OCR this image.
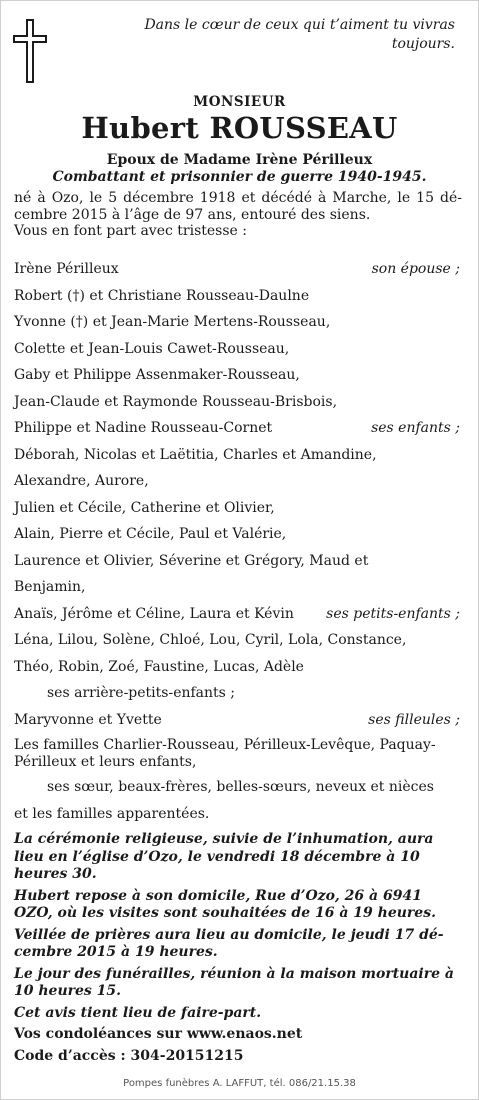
Dans le cœur de ceux qui t’aiment tu vivras toujours.
MONSIEUR
Hubert ROUSSEAU
Epoux de Madame Irène Périlleux
Combattant et prisonnier de guerre 1940-1945.
né à Ozo, le 5 décembre 1918 et décédé à Marche, le 15 dé-cembre 2015 à l’âge de 97 ans, entouré des siens.
Vous en font part avec tristesse :
Irène Périlleux	son épouse ;
Robert (†) et Christiane Rousseau-Daulne
Yvonne (†) et Jean-Marie Mertens-Rousseau,
Colette et Jean-Louis Cawet-Rousseau,
Gaby et Philippe Assenmaker-Rousseau,
Jean-Claude et Raymonde Rousseau-Brisbois,
Philippe et Nadine Rousseau-Cornet	ses enfants ;
Déborah, Nicolas et Laëtitia, Charles et Amandine,
Alexandre, Aurore,
Julien et Cécile, Catherine et Olivier,
Alain, Pierre et Cécile, Paul et Valérie,
Laurence et Olivier, Séverine et Grégory, Maud et
Benjamin,
Anaïs, Jérôme et Céline, Laura et Kévin ses petits-enfants ;
Léna, Lilou, Solène, Chloé, Lou, Cyril, Lola, Constance,
Théo, Robin, Zoé, Faustine, Lucas, Adèle
ses arrière-petits-enfants ;
Maryvonne et Yvette	ses filleules ;
Les familles Charlier-Rousseau, Périlleux-Levêque, Paquay-Périlleux et leurs enfants,
ses sœur, beaux-frères, belles-sœurs, neveux et nièces
et les familles apparentées.

La cérémonie religieuse, suivie de l’inhumation, aura lieu en l’église d’Ozo, le vendredi 18 décembre à 10 heures 30.

Hubert repose à son domicile, Rue d’Ozo, 26 à 6941 OZO, où les visites sont souhaitées de 16 à 19 heures.

Veillée de prières aura lieu au domicile, le jeudi 17 dé-cembre 2015 à 19 heures.

Le jour des funérailles, réunion à la maison mortuaire à 10 heures 15.

Cet avis tient lieu de faire-part.

Vos condoléances sur www.enaos.net

Code d’accès : 304-20151215

Pompes funèbres A. LAFFUT, tél. 086/21.15.38
